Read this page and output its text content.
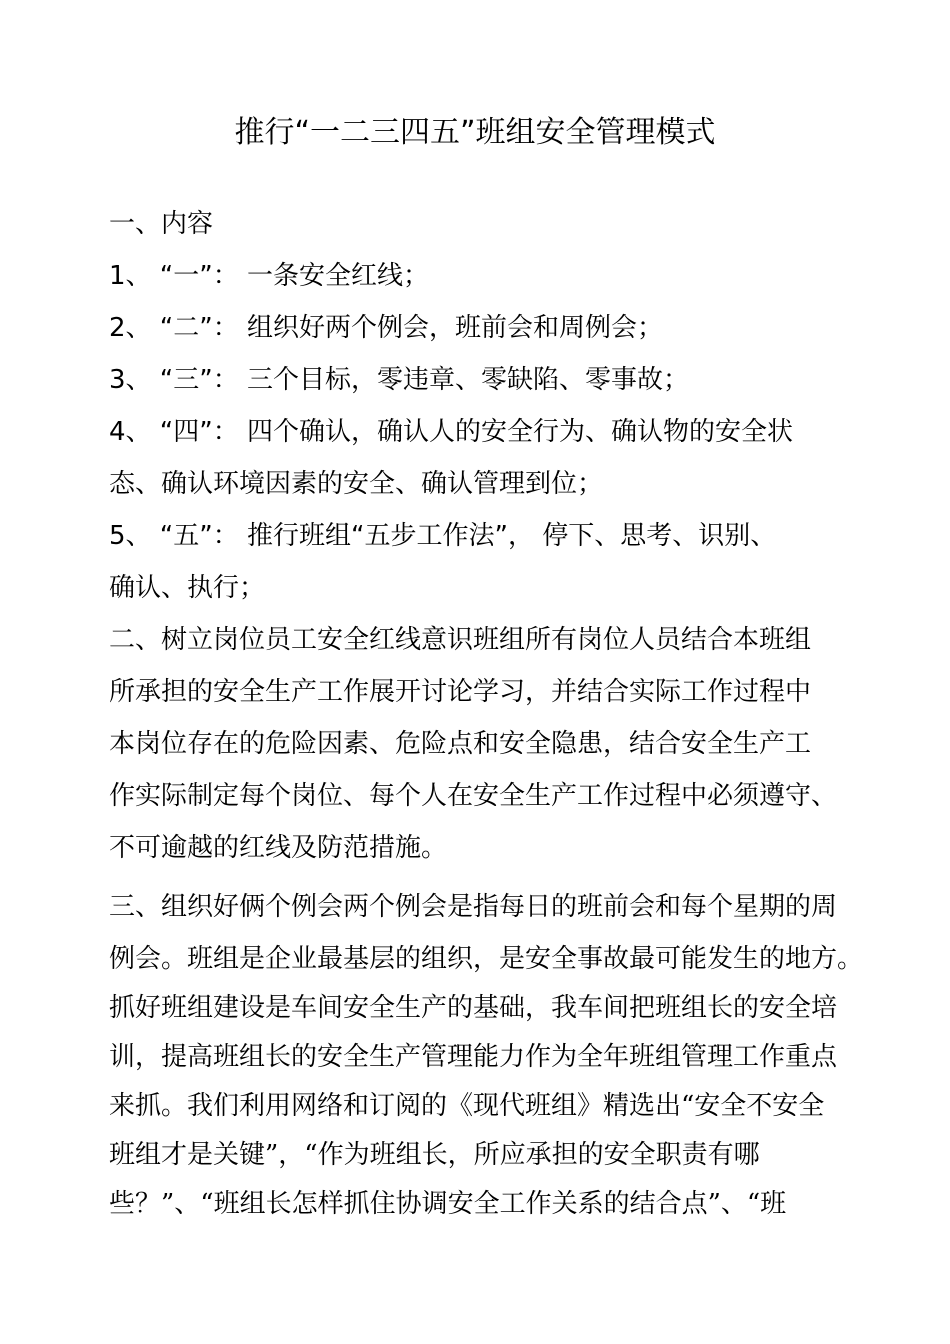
推行“一二三四五”班组安全管理模式

一、内容

1、 “一”： 一条安全红线；

2、 “二”： 组织好两个例会，班前会和周例会；

3、 “三”： 三个目标，零违章、零缺陷、零事故；

4、 “四”： 四个确认，确认人的安全行为、确认物的安全状

态、确认环境因素的安全、确认管理到位；

5、 “五”： 推行班组“五步工作法”， 停下、思考、识别、

确认、执行；

二、树立岗位员工安全红线意识班组所有岗位人员结合本班组

所承担的安全生产工作展开讨论学习，并结合实际工作过程中

本岗位存在的危险因素、危险点和安全隐患，结合安全生产工

作实际制定每个岗位、每个人在安全生产工作过程中必须遵守、

不可逾越的红线及防范措施。

三、组织好俩个例会两个例会是指每日的班前会和每个星期的周

例会。班组是企业最基层的组织，是安全事故最可能发生的地方。

抓好班组建设是车间安全生产的基础，我车间把班组长的安全培

训，提高班组长的安全生产管理能力作为全年班组管理工作重点

来抓。我们利用网络和订阅的《现代班组》精选出“安全不安全

班组才是关键”，“作为班组长，所应承担的安全职责有哪

些？”、“班组长怎样抓住协调安全工作关系的结合点”、“班
